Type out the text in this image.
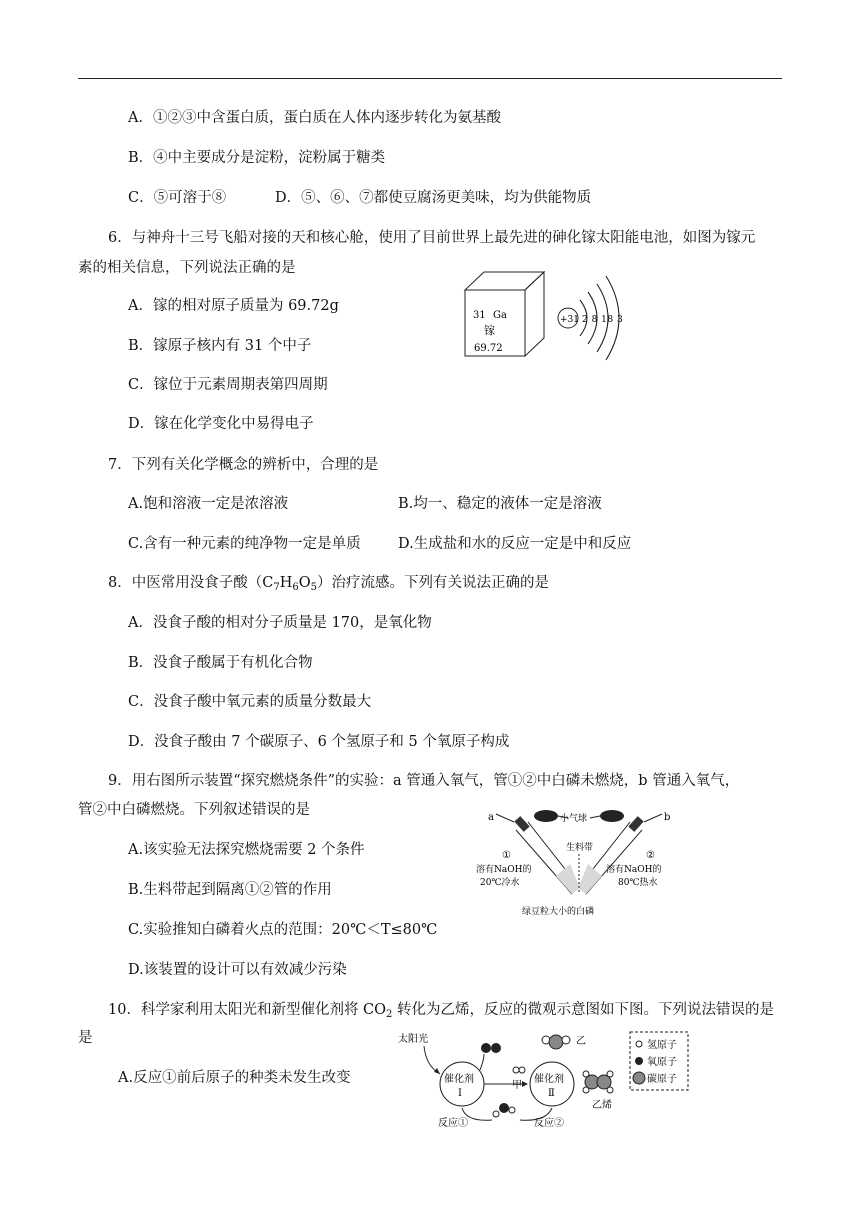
A．①②③中含蛋白质，蛋白质在人体内逐步转化为氨基酸
B．④中主要成分是淀粉，淀粉属于糖类
C．⑤可溶于⑧	D．⑤、⑥、⑦都使豆腐汤更美味，均为供能物质
6．与神舟十三号飞船对接的天和核心舱，使用了目前世界上最先进的砷化镓太阳能电池，如图为镓元
素的相关信息，下列说法正确的是
A．镓的相对原子质量为 69.72g
B．镓原子核内有 31 个中子
C．镓位于元素周期表第四周期
D．镓在化学变化中易得电子
31 Ga
镓
69.72
+31 2 8 18 3
7．下列有关化学概念的辨析中，合理的是
A.饱和溶液一定是浓溶液	B.均一、稳定的液体一定是溶液
C.含有一种元素的纯净物一定是单质	D.生成盐和水的反应一定是中和反应
8．中医常用没食子酸$(C_7H_6O_5)$治疗流感。下列有关说法正确的是
A．没食子酸的相对分子质量是 170，是氧化物
B．没食子酸属于有机化合物
C．没食子酸中氧元素的质量分数最大
D．没食子酸由 7 个碳原子、6 个氢原子和 5 个氧原子构成
9．用右图所示装置“探究燃烧条件”的实验：a 管通入氧气，管①②中白磷未燃烧，b 管通入氧气，
管②中白磷燃烧。下列叙述错误的是
A.该实验无法探究燃烧需要 2 个条件
B.生料带起到隔离①②管的作用
C.实验推知白磷着火点的范围：20℃＜T≤80℃
D.该装置的设计可以有效减少污染
a	b
小气球
生料带
①	②
溶有NaOH的
20℃冷水
溶有NaOH的
80℃热水
绿豆粒大小的白磷
10．科学家利用太阳光和新型催化剂将 $CO_2$ 转化为乙烯，反应的微观示意图如下图。下列说法错误的是
是
A.反应①前后原子的种类未发生改变
太阳光
催化剂
Ⅰ
甲
催化剂
Ⅱ
乙
乙烯
反应①	反应②
氢原子
氧原子
碳原子
